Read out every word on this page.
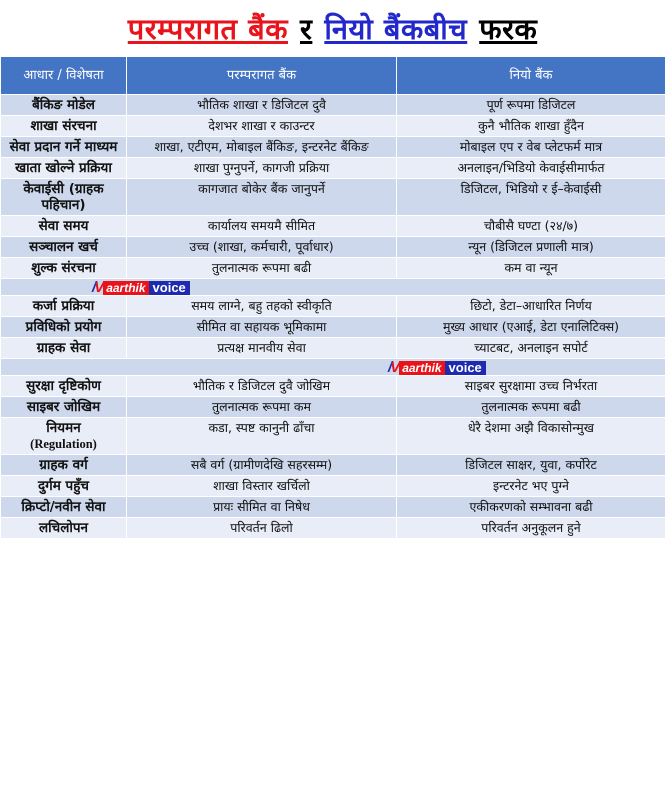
परम्परागत बैंक र नियो बैंकबीच फरक
आधार / विशेषता	परम्परागत बैंक	नियो बैंक
बैंकिङ मोडेल	भौतिक शाखा र डिजिटल दुवै	पूर्ण रूपमा डिजिटल
शाखा संरचना	देशभर शाखा र काउन्टर	कुनै भौतिक शाखा हुँदैन
सेवा प्रदान गर्ने माध्यम	शाखा, एटीएम, मोबाइल बैंकिङ, इन्टरनेट बैंकिङ	मोबाइल एप र वेब प्लेटफर्म मात्र
खाता खोल्ने प्रक्रिया	शाखा पुग्नुपर्ने, कागजी प्रक्रिया	अनलाइन/भिडियो केवाईसीमार्फत
केवाईसी (ग्राहक पहिचान)	कागजात बोकेर बैंक जानुपर्ने	डिजिटल, भिडियो र ई–केवाईसी
सेवा समय	कार्यालय समयमै सीमित	चौबीसै घण्टा (२४/७)
सञ्चालन खर्च	उच्च (शाखा, कर्मचारी, पूर्वाधार)	न्यून (डिजिटल प्रणाली मात्र)
शुल्क संरचना	तुलनात्मक रूपमा बढी	कम वा न्यून

/V aarthik voice		

कर्जा प्रक्रिया	समय लाग्ने, बहु तहको स्वीकृति	छिटो, डेटा–आधारित निर्णय
प्रविधिको प्रयोग	सीमित वा सहायक भूमिकामा	मुख्य आधार (एआई, डेटा एनालिटिक्स)
ग्राहक सेवा	प्रत्यक्ष मानवीय सेवा	च्याटबट, अनलाइन सपोर्ट

/V aarthik voice		

सुरक्षा दृष्टिकोण	भौतिक र डिजिटल दुवै जोखिम	साइबर सुरक्षामा उच्च निर्भरता
साइबर जोखिम	तुलनात्मक रूपमा कम	तुलनात्मक रूपमा बढी
नियमन
(Regulation)	कडा, स्पष्ट कानुनी ढाँचा	धेरै देशमा अझै विकासोन्मुख
ग्राहक वर्ग	सबै वर्ग (ग्रामीणदेखि सहरसम्म)	डिजिटल साक्षर, युवा, कर्पोरेट
दुर्गम पहुँच	शाखा विस्तार खर्चिलो	इन्टरनेट भए पुग्ने
क्रिप्टो/नवीन सेवा	प्रायः सीमित वा निषेध	एकीकरणको सम्भावना बढी
लचिलोपन	परिवर्तन ढिलो	परिवर्तन अनुकूलन हुने
